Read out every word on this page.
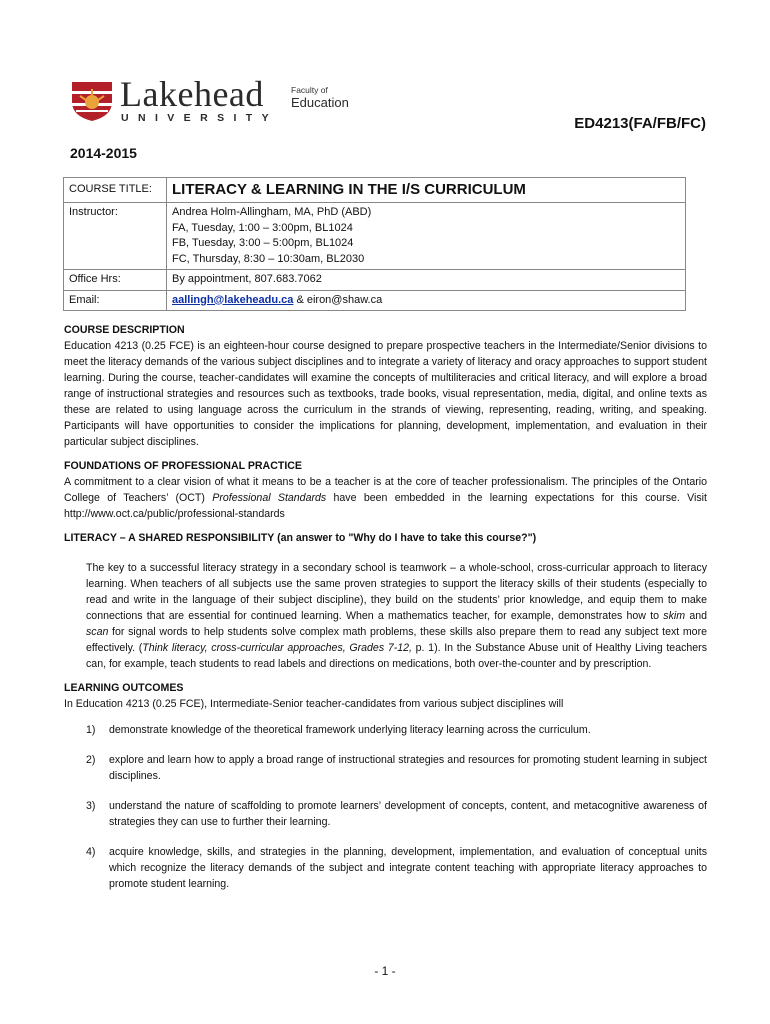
Lakehead
UNIVERSITY
Faculty of
Education
ED4213(FA/FB/FC)
2014-2015
COURSE TITLE:	LITERACY & LEARNING IN THE I/S CURRICULUM
Instructor:	Andrea Holm-Allingham, MA, PhD (ABD)
FA, Tuesday, 1:00 – 3:00pm, BL1024
FB, Tuesday, 3:00 – 5:00pm, BL1024
FC, Thursday, 8:30 – 10:30am, BL2030

Office Hrs:	By appointment, 807.683.7062
Email:	aallingh@lakeheadu.ca & eiron@shaw.ca
COURSE DESCRIPTION

Education 4213 (0.25 FCE) is an eighteen-hour course designed to prepare prospective teachers in the Intermediate/Senior divisions to meet the literacy demands of the various subject disciplines and to integrate a variety of literacy and oracy approaches to support student learning. During the course, teacher-candidates will examine the concepts of multiliteracies and critical literacy, and will explore a broad range of instructional strategies and resources such as textbooks, trade books, visual representation, media, digital, and online texts as these are related to using language across the curriculum in the strands of viewing, representing, reading, writing, and speaking. Participants will have opportunities to consider the implications for planning, development, implementation, and evaluation in their particular subject disciplines.

FOUNDATIONS OF PROFESSIONAL PRACTICE

A commitment to a clear vision of what it means to be a teacher is at the core of teacher professionalism. The principles of the Ontario College of Teachers’ (OCT) Professional Standards have been embedded in the learning expectations for this course. Visit http://www.oct.ca/public/professional-standards

LITERACY – A SHARED RESPONSIBILITY (an answer to "Why do I have to take this course?")

The key to a successful literacy strategy in a secondary school is teamwork – a whole-school, cross-curricular approach to literacy learning. When teachers of all subjects use the same proven strategies to support the literacy skills of their students (especially to read and write in the language of their subject discipline), they build on the students’ prior knowledge, and equip them to make connections that are essential for continued learning. When a mathematics teacher, for example, demonstrates how to skim and scan for signal words to help students solve complex math problems, these skills also prepare them to read any subject text more effectively. (Think literacy, cross-curricular approaches, Grades 7-12, p. 1). In the Substance Abuse unit of Healthy Living teachers can, for example, teach students to read labels and directions on medications, both over-the-counter and by prescription.

LEARNING OUTCOMES

In Education 4213 (0.25 FCE), Intermediate-Senior teacher-candidates from various subject disciplines will

1)	demonstrate knowledge of the theoretical framework underlying literacy learning across the curriculum.
2)	explore and learn how to apply a broad range of instructional strategies and resources for promoting student learning in subject disciplines.
3)	understand the nature of scaffolding to promote learners’ development of concepts, content, and metacognitive awareness of strategies they can use to further their learning.
4)	acquire knowledge, skills, and strategies in the planning, development, implementation, and evaluation of conceptual units which recognize the literacy demands of the subject and integrate content teaching with appropriate literacy approaches to promote student learning.
- 1 -
